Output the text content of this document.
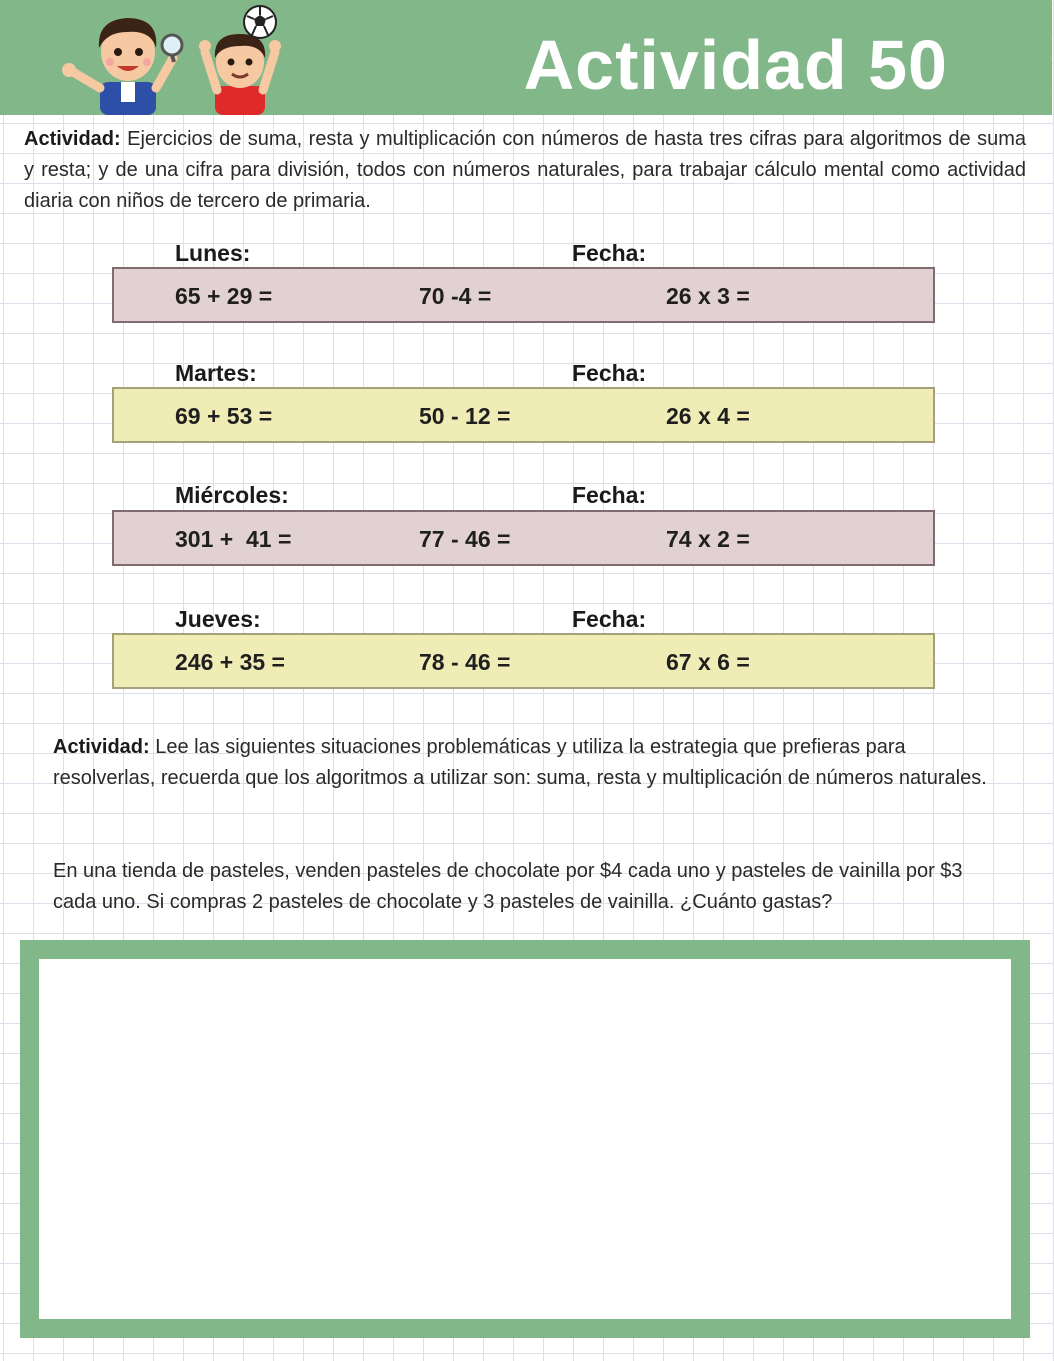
Actividad 50
Actividad: Ejercicios de suma, resta y multiplicación con números de hasta tres cifras para algoritmos de suma y resta; y de una cifra para división, todos con números naturales, para trabajar cálculo mental como actividad diaria con niños de tercero de primaria.
Lunes:	Fecha:
65 + 29 =	70 -4 =	26 x 3 =
Martes:	Fecha:
69 + 53 =	50 - 12 =	26 x 4 =
Miércoles:	Fecha:
301 +  41 =	77 - 46 =	74 x 2 =
Jueves:	Fecha:
246 + 35 =	78 - 46 =	67 x 6 =
Actividad: Lee las siguientes situaciones problemáticas y utiliza la estrategia que prefieras para resolverlas, recuerda que los algoritmos a utilizar son: suma, resta y multiplicación de números naturales.
En una tienda de pasteles, venden pasteles de chocolate por $4 cada uno y pasteles de vainilla por $3 cada uno. Si compras 2 pasteles de chocolate y 3 pasteles de vainilla. ¿Cuánto gastas?
